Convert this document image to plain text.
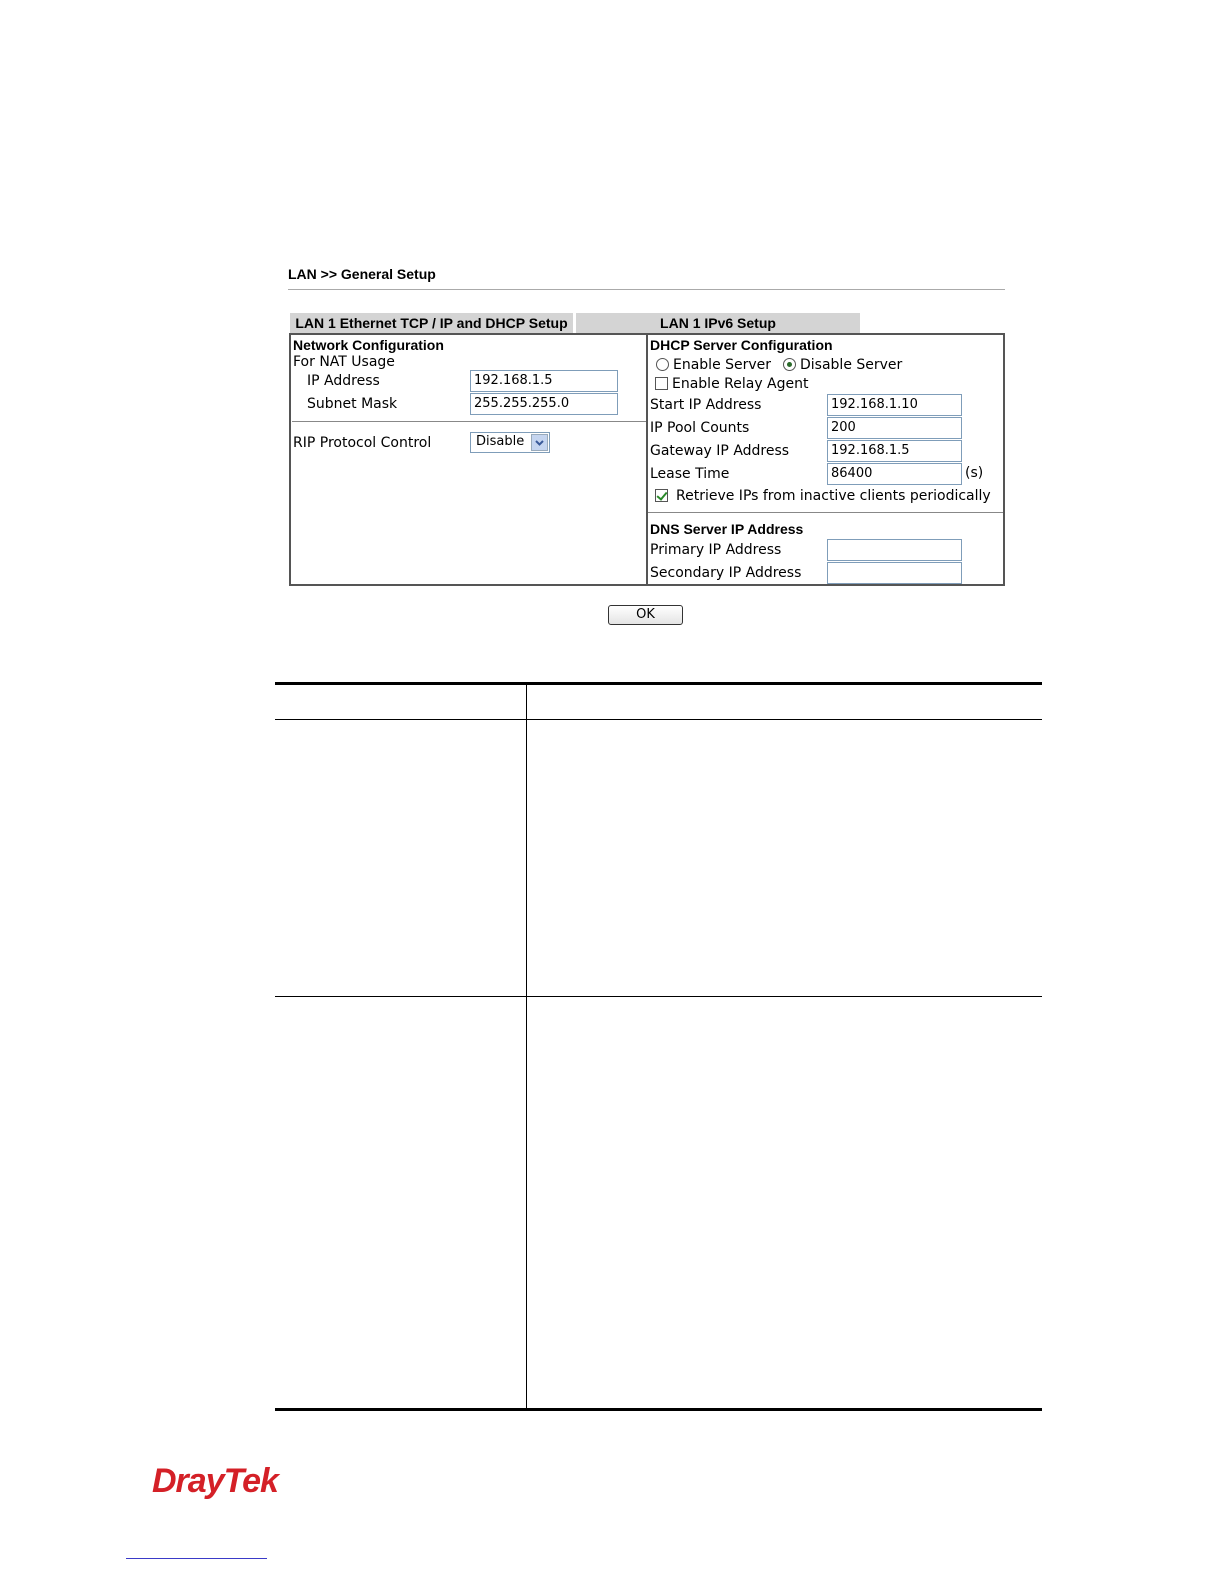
LAN >> General Setup
LAN 1 Ethernet TCP / IP and DHCP Setup	LAN 1 IPv6 Setup
Network Configuration
For NAT Usage
IP Address	192.168.1.5
Subnet Mask	255.255.255.0
RIP Protocol Control	Disable
DHCP Server Configuration
Enable Server Disable Server
Enable Relay Agent
Start IP Address	192.168.1.10
IP Pool Counts	200
Gateway IP Address	192.168.1.5
Lease Time	86400	(s)
Retrieve IPs from inactive clients periodically
DNS Server IP Address
Primary IP Address
Secondary IP Address
OK
DrayTek
